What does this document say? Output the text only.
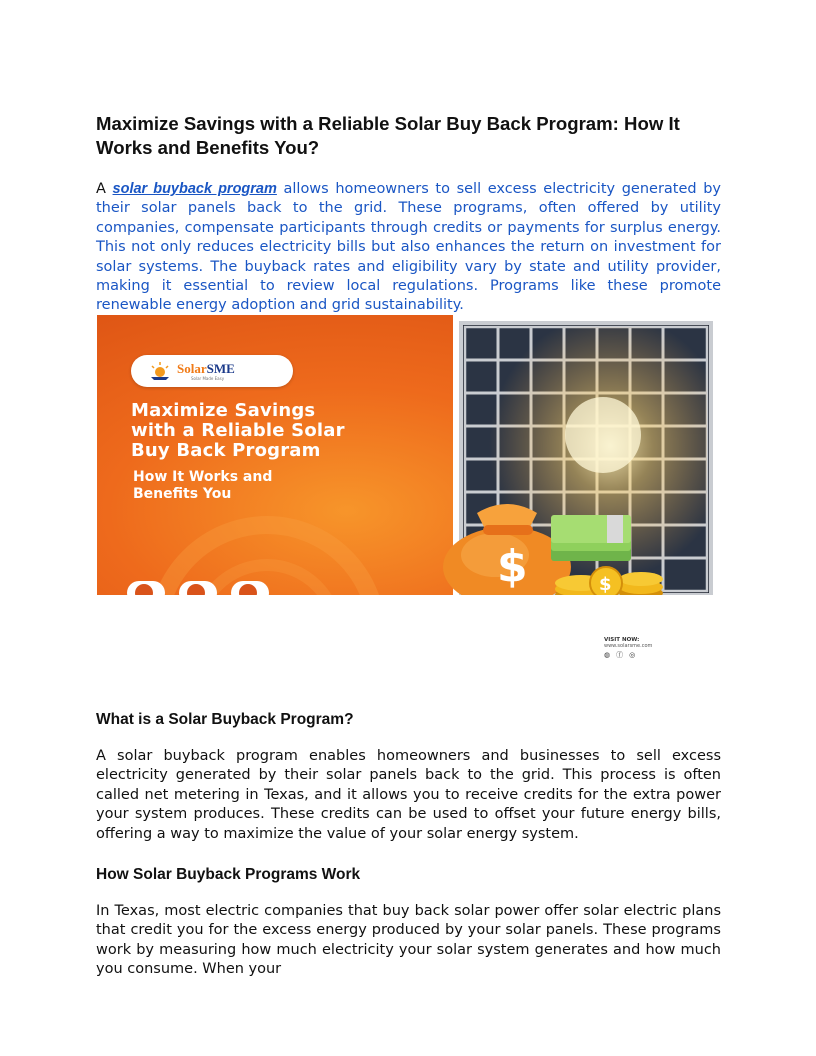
Maximize Savings with a Reliable Solar Buy Back Program: How It Works and Benefits You?

A solar buyback program allows homeowners to sell excess electricity generated by their solar panels back to the grid. These programs, often offered by utility companies, compensate participants through credits or payments for surplus energy. This not only reduces electricity bills but also enhances the return on investment for solar systems. The buyback rates and eligibility vary by state and utility provider, making it essential to review local regulations. Programs like these promote renewable energy adoption and grid sustainability.

$	$
SolarSME
Solar Made Easy
Maximize Savings
with a Reliable Solar
Buy Back Program
How It Works and
Benefits You
VISIT NOW:
www.solarsme.com
◍ⓕ◎
What is a Solar Buyback Program?

A solar buyback program enables homeowners and businesses to sell excess electricity generated by their solar panels back to the grid. This process is often called net metering in Texas, and it allows you to receive credits for the extra power your system produces. These credits can be used to offset your future energy bills, offering a way to maximize the value of your solar energy system.

How Solar Buyback Programs Work

In Texas, most electric companies that buy back solar power offer solar electric plans that credit you for the excess energy produced by your solar panels. These programs work by measuring how much electricity your solar system generates and how much you consume. When your
